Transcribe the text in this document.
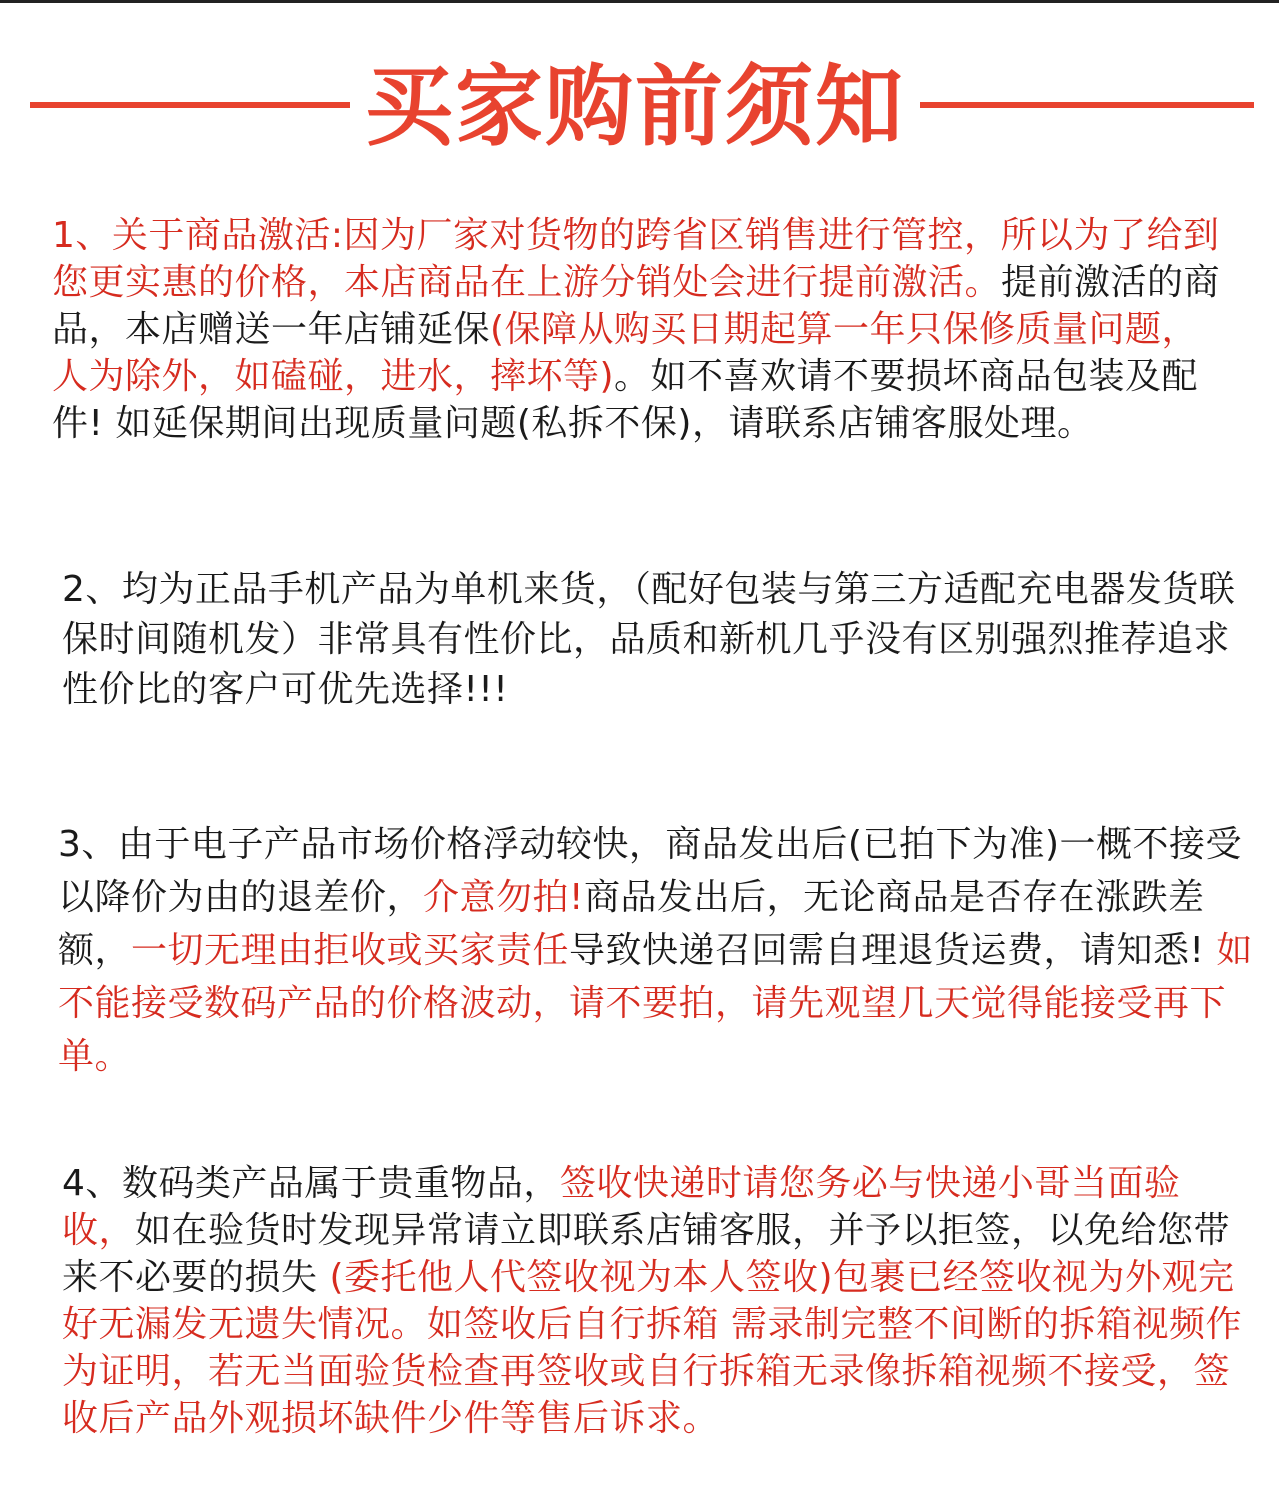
买家购前须知

1、关于商品激活:因为厂家对货物的跨省区销售进行管控，所以为了给到您更实惠的价格，本店商品在上游分销处会进行提前激活。提前激活的商品，本店赠送一年店铺延保(保障从购买日期起算一年只保修质量问题，人为除外，如磕碰，进水，摔坏等)。如不喜欢请不要损坏商品包装及配件! 如延保期间出现质量问题(私拆不保)，请联系店铺客服处理。

2、均为正品手机产品为单机来货，（配好包装与第三方适配充电器发货联保时间随机发）非常具有性价比，品质和新机几乎没有区别强烈推荐追求性价比的客户可优先选择!!!

3、由于电子产品市场价格浮动较快，商品发出后(已拍下为准)一概不接受以降价为由的退差价，介意勿拍!商品发出后，无论商品是否存在涨跌差额，一切无理由拒收或买家责任导致快递召回需自理退货运费，请知悉! 如不能接受数码产品的价格波动，请不要拍，请先观望几天觉得能接受再下单。

4、数码类产品属于贵重物品，签收快递时请您务必与快递小哥当面验收，如在验货时发现异常请立即联系店铺客服，并予以拒签，以免给您带来不必要的损失 (委托他人代签收视为本人签收)包裹已经签收视为外观完好无漏发无遗失情况。如签收后自行拆箱 需录制完整不间断的拆箱视频作为证明，若无当面验货检查再签收或自行拆箱无录像拆箱视频不接受，签收后产品外观损坏缺件少件等售后诉求。
